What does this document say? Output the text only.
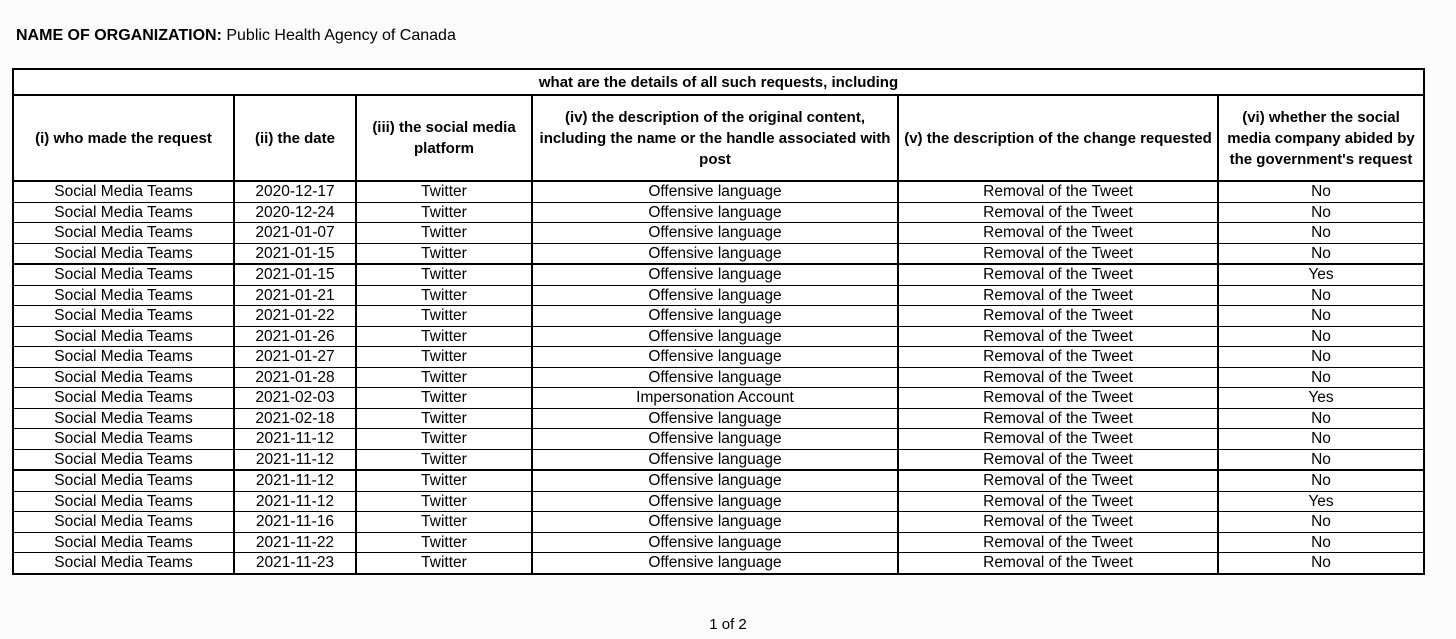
NAME OF ORGANIZATION: Public Health Agency of Canada
what are the details of all such requests, including					
(i) who made the request	(ii) the date	(iii) the social media platform	(iv) the description of the original content, including the name or the handle associated with post	(v) the description of the change requested	(vi) whether the social media company abided by the government's request
Social Media Teams	2020-12-17	Twitter	Offensive language	Removal of the Tweet	No
Social Media Teams	2020-12-24	Twitter	Offensive language	Removal of the Tweet	No
Social Media Teams	2021-01-07	Twitter	Offensive language	Removal of the Tweet	No
Social Media Teams	2021-01-15	Twitter	Offensive language	Removal of the Tweet	No
Social Media Teams	2021-01-15	Twitter	Offensive language	Removal of the Tweet	Yes
Social Media Teams	2021-01-21	Twitter	Offensive language	Removal of the Tweet	No
Social Media Teams	2021-01-22	Twitter	Offensive language	Removal of the Tweet	No
Social Media Teams	2021-01-26	Twitter	Offensive language	Removal of the Tweet	No
Social Media Teams	2021-01-27	Twitter	Offensive language	Removal of the Tweet	No
Social Media Teams	2021-01-28	Twitter	Offensive language	Removal of the Tweet	No
Social Media Teams	2021-02-03	Twitter	Impersonation Account	Removal of the Tweet	Yes
Social Media Teams	2021-02-18	Twitter	Offensive language	Removal of the Tweet	No
Social Media Teams	2021-11-12	Twitter	Offensive language	Removal of the Tweet	No
Social Media Teams	2021-11-12	Twitter	Offensive language	Removal of the Tweet	No
Social Media Teams	2021-11-12	Twitter	Offensive language	Removal of the Tweet	No
Social Media Teams	2021-11-12	Twitter	Offensive language	Removal of the Tweet	Yes
Social Media Teams	2021-11-16	Twitter	Offensive language	Removal of the Tweet	No
Social Media Teams	2021-11-22	Twitter	Offensive language	Removal of the Tweet	No
Social Media Teams	2021-11-23	Twitter	Offensive language	Removal of the Tweet	No
1 of 2
